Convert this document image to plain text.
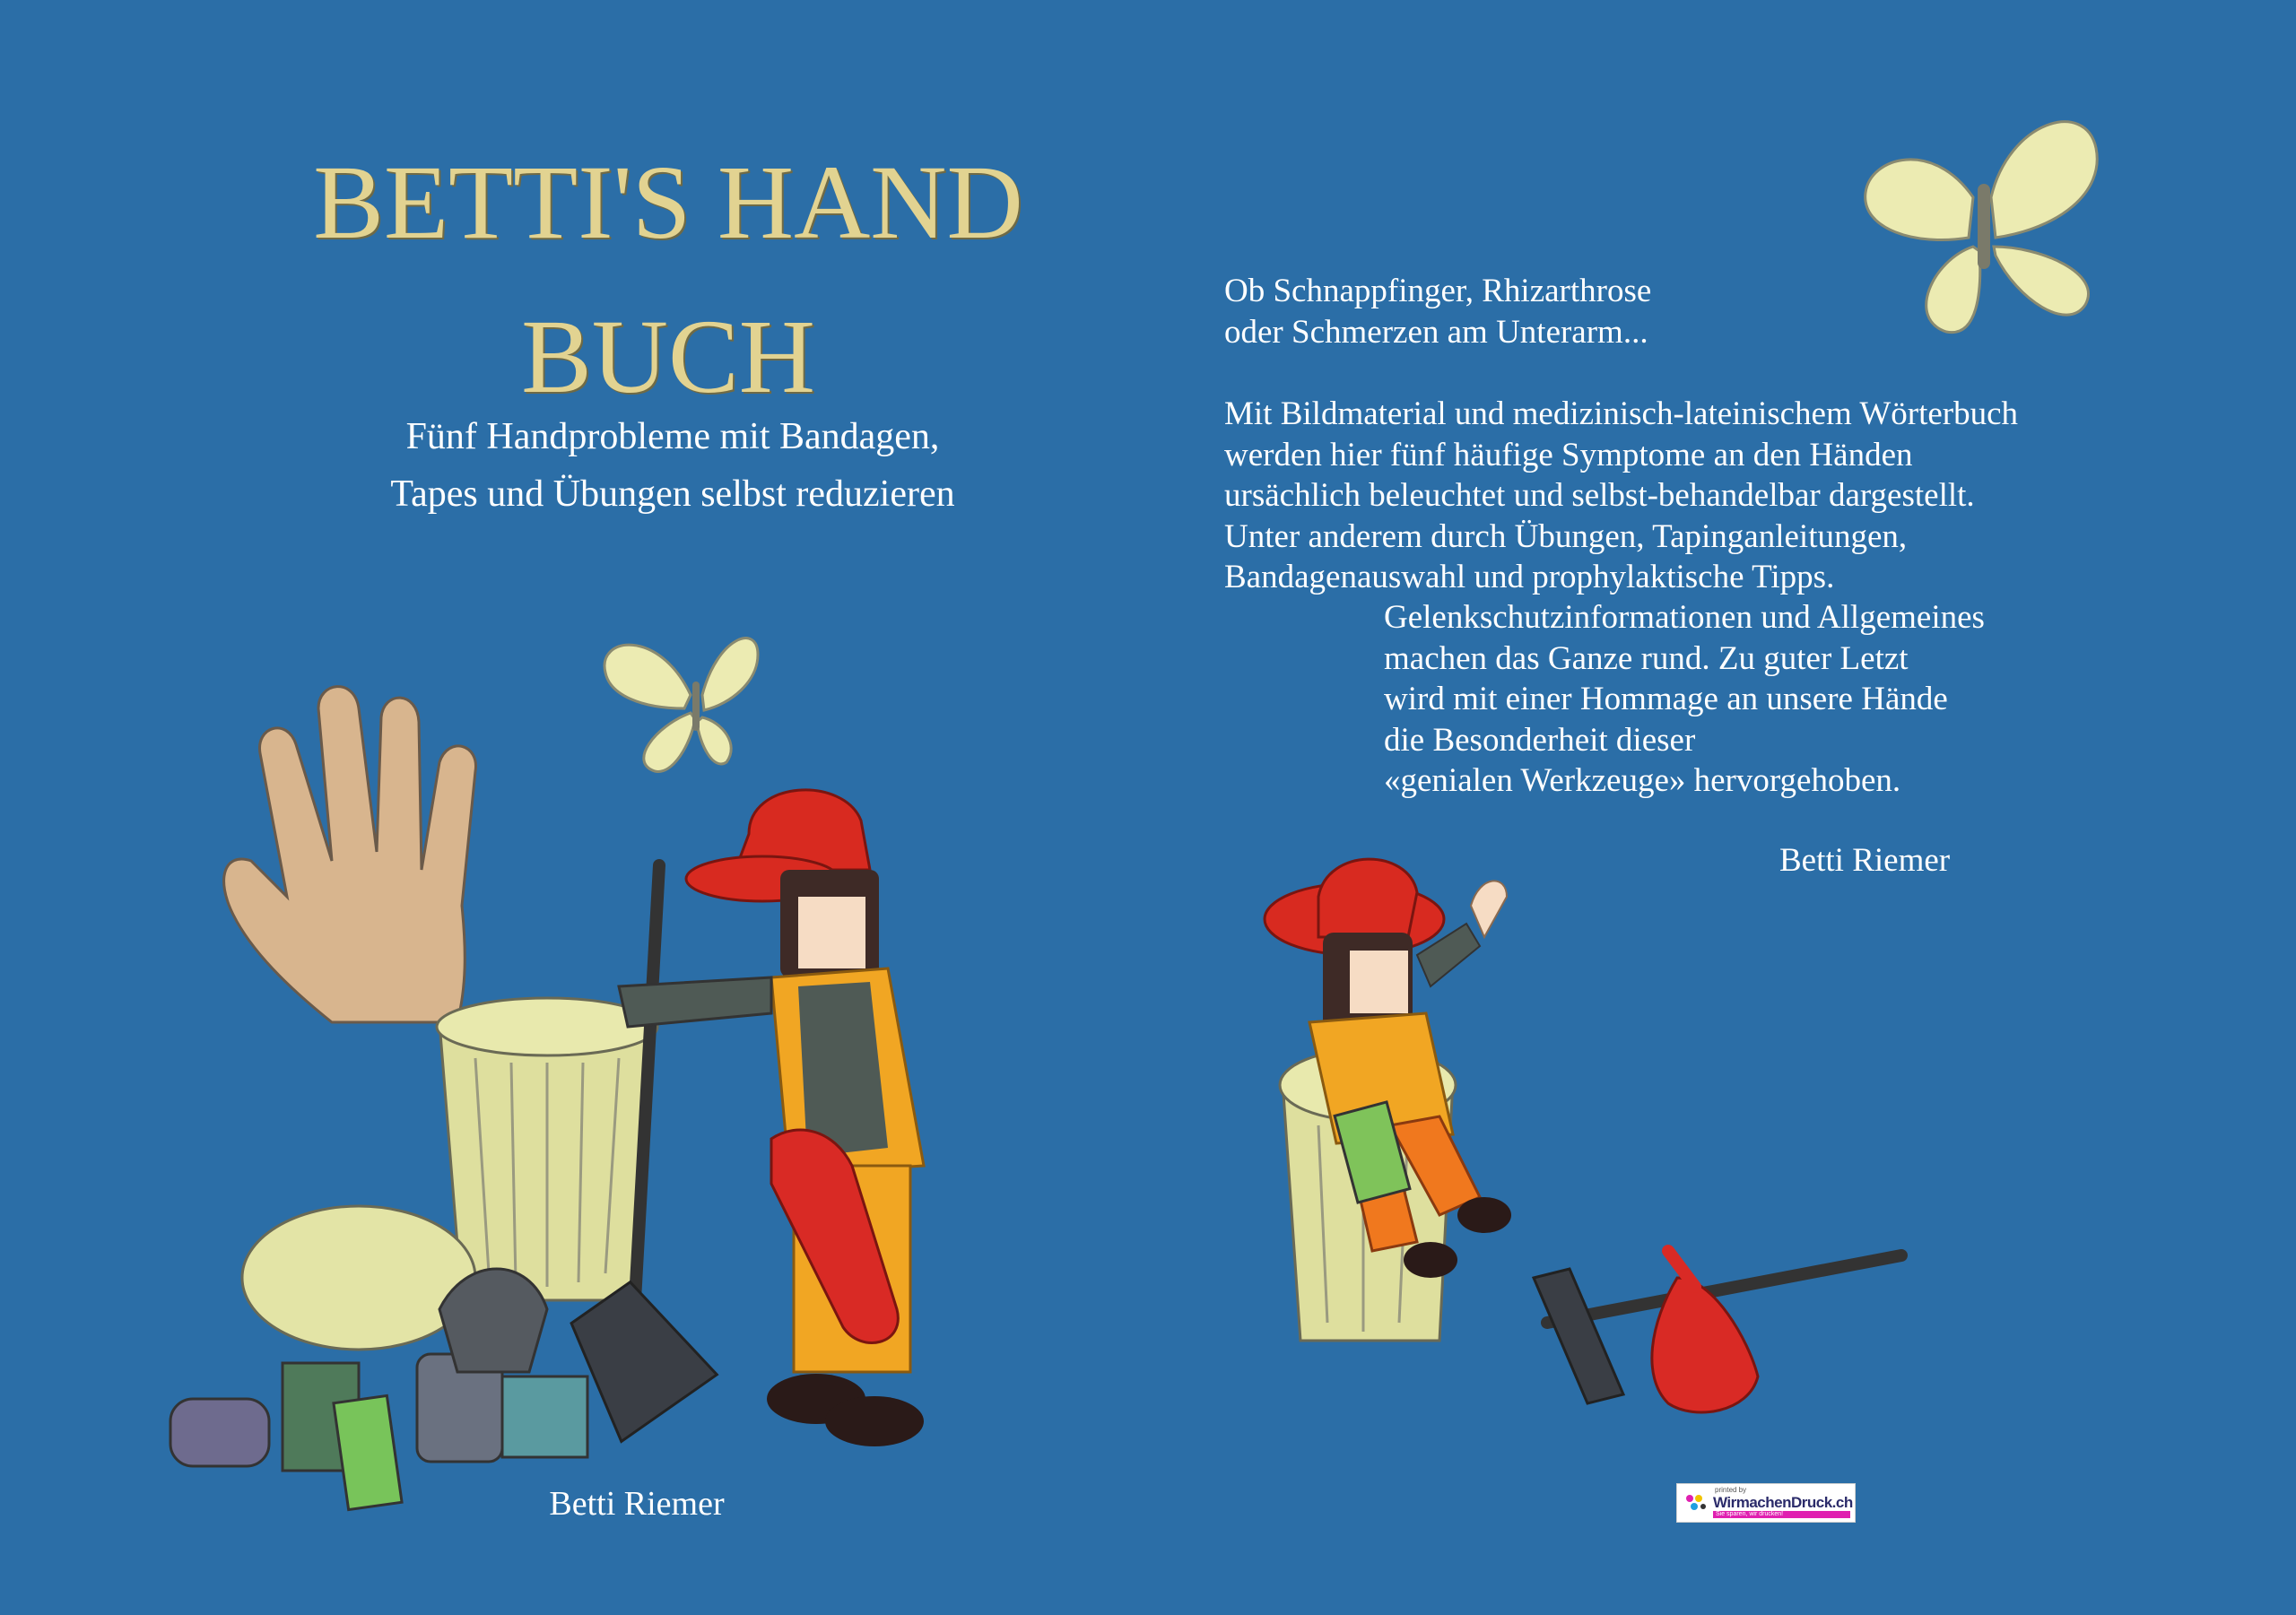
BETTI'S HAND
BUCH

Fünf Handprobleme mit Bandagen,
Tapes und Übungen selbst reduzieren

Betti Riemer

Ob Schnappfinger, Rhizarthrose

oder Schmerzen am Unterarm...

Mit Bildmaterial und medizinisch-lateinischem Wörterbuch

werden hier fünf häufige Symptome an den Händen

ursächlich beleuchtet und selbst-behandelbar dargestellt.

Unter anderem durch Übungen, Tapinganleitungen,

Bandagenauswahl und prophylaktische Tipps.

Gelenkschutzinformationen und Allgemeines

machen das Ganze rund. Zu guter Letzt

wird mit einer Hommage an unsere Hände

die Besonderheit dieser

«genialen Werkzeuge» hervorgehoben.

Betti Riemer
printed by
WirmachenDruck.ch
Sie sparen, wir drucken!
